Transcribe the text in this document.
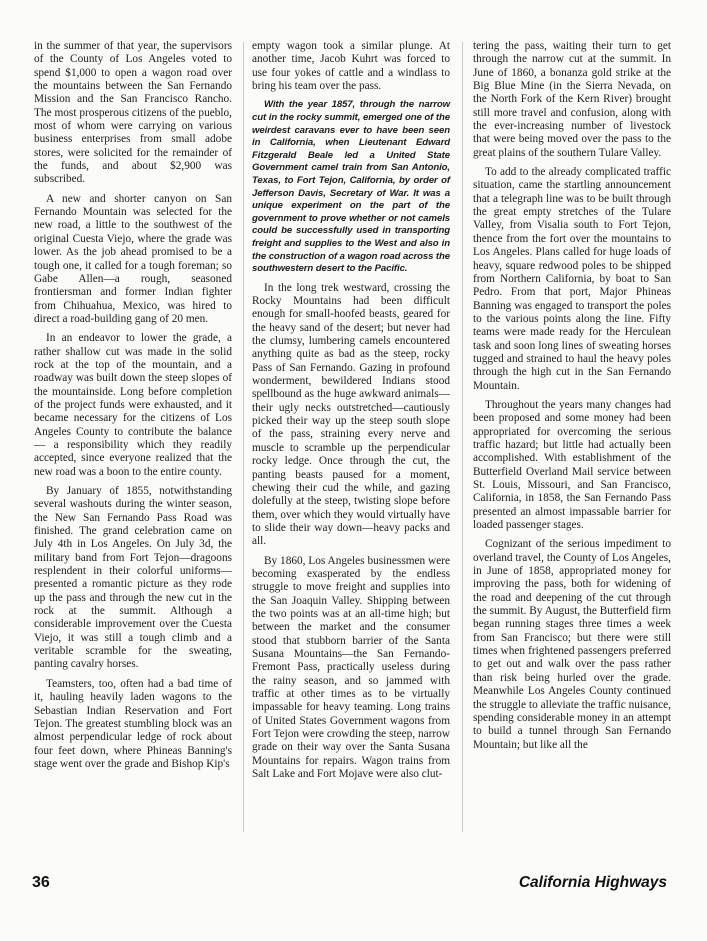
in the summer of that year, the supervisors of the County of Los Angeles voted to spend $1,000 to open a wagon road over the mountains between the San Fernando Mission and the San Francisco Rancho. The most prosperous citizens of the pueblo, most of whom were carrying on various business enterprises from small adobe stores, were solicited for the remainder of the funds, and about $2,900 was subscribed.

A new and shorter canyon on San Fernando Mountain was selected for the new road, a little to the southwest of the original Cuesta Viejo, where the grade was lower. As the job ahead promised to be a tough one, it called for a tough foreman; so Gabe Allen—a rough, seasoned frontiersman and former Indian fighter from Chihuahua, Mexico, was hired to direct a road-building gang of 20 men.

In an endeavor to lower the grade, a rather shallow cut was made in the solid rock at the top of the mountain, and a roadway was built down the steep slopes of the mountainside. Long before completion of the project funds were exhausted, and it became necessary for the citizens of Los Angeles County to contribute the balance — a responsibility which they readily accepted, since everyone realized that the new road was a boon to the entire county.

By January of 1855, notwithstanding several washouts during the winter season, the New San Fernando Pass Road was finished. The grand celebration came on July 4th in Los Angeles. On July 3d, the military band from Fort Tejon—dragoons resplendent in their colorful uniforms—presented a romantic picture as they rode up the pass and through the new cut in the rock at the summit. Although a considerable improvement over the Cuesta Viejo, it was still a tough climb and a veritable scramble for the sweating, panting cavalry horses.

Teamsters, too, often had a bad time of it, hauling heavily laden wagons to the Sebastian Indian Reservation and Fort Tejon. The greatest stumbling block was an almost perpendicular ledge of rock about four feet down, where Phineas Banning's stage went over the grade and Bishop Kip's

empty wagon took a similar plunge. At another time, Jacob Kuhrt was forced to use four yokes of cattle and a windlass to bring his team over the pass.

With the year 1857, through the narrow cut in the rocky summit, emerged one of the weirdest caravans ever to have been seen in California, when Lieutenant Edward Fitzgerald Beale led a United State Government camel train from San Antonio, Texas, to Fort Tejon, California, by order of Jefferson Davis, Secretary of War. It was a unique experiment on the part of the government to prove whether or not camels could be successfully used in transporting freight and supplies to the West and also in the construction of a wagon road across the southwestern desert to the Pacific.

In the long trek westward, crossing the Rocky Mountains had been difficult enough for small-hoofed beasts, geared for the heavy sand of the desert; but never had the clumsy, lumbering camels encountered anything quite as bad as the steep, rocky Pass of San Fernando. Gazing in profound wonderment, bewildered Indians stood spellbound as the huge awkward animals—their ugly necks outstretched—cautiously picked their way up the steep south slope of the pass, straining every nerve and muscle to scramble up the perpendicular rocky ledge. Once through the cut, the panting beasts paused for a moment, chewing their cud the while, and gazing dolefully at the steep, twisting slope before them, over which they would virtually have to slide their way down—heavy packs and all.

By 1860, Los Angeles businessmen were becoming exasperated by the endless struggle to move freight and supplies into the San Joaquin Valley. Shipping between the two points was at an all-time high; but between the market and the consumer stood that stubborn barrier of the Santa Susana Mountains—the San Fernando-Fremont Pass, practically useless during the rainy season, and so jammed with traffic at other times as to be virtually impassable for heavy teaming. Long trains of United States Government wagons from Fort Tejon were crowding the steep, narrow grade on their way over the Santa Susana Mountains for repairs. Wagon trains from Salt Lake and Fort Mojave were also clut-

tering the pass, waiting their turn to get through the narrow cut at the summit. In June of 1860, a bonanza gold strike at the Big Blue Mine (in the Sierra Nevada, on the North Fork of the Kern River) brought still more travel and confusion, along with the ever-increasing number of livestock that were being moved over the pass to the great plains of the southern Tulare Valley.

To add to the already complicated traffic situation, came the startling announcement that a telegraph line was to be built through the great empty stretches of the Tulare Valley, from Visalia south to Fort Tejon, thence from the fort over the mountains to Los Angeles. Plans called for huge loads of heavy, square redwood poles to be shipped from Northern California, by boat to San Pedro. From that port, Major Phineas Banning was engaged to transport the poles to the various points along the line. Fifty teams were made ready for the Herculean task and soon long lines of sweating horses tugged and strained to haul the heavy poles through the high cut in the San Fernando Mountain.

Throughout the years many changes had been proposed and some money had been appropriated for overcoming the serious traffic hazard; but little had actually been accomplished. With establishment of the Butterfield Overland Mail service between St. Louis, Missouri, and San Francisco, California, in 1858, the San Fernando Pass presented an almost impassable barrier for loaded passenger stages.

Cognizant of the serious impediment to overland travel, the County of Los Angeles, in June of 1858, appropriated money for improving the pass, both for widening of the road and deepening of the cut through the summit. By August, the Butterfield firm began running stages three times a week from San Francisco; but there were still times when frightened passengers preferred to get out and walk over the pass rather than risk being hurled over the grade. Meanwhile Los Angeles County continued the struggle to alleviate the traffic nuisance, spending considerable money in an attempt to build a tunnel through San Fernando Mountain; but like all the

36	California Highways
